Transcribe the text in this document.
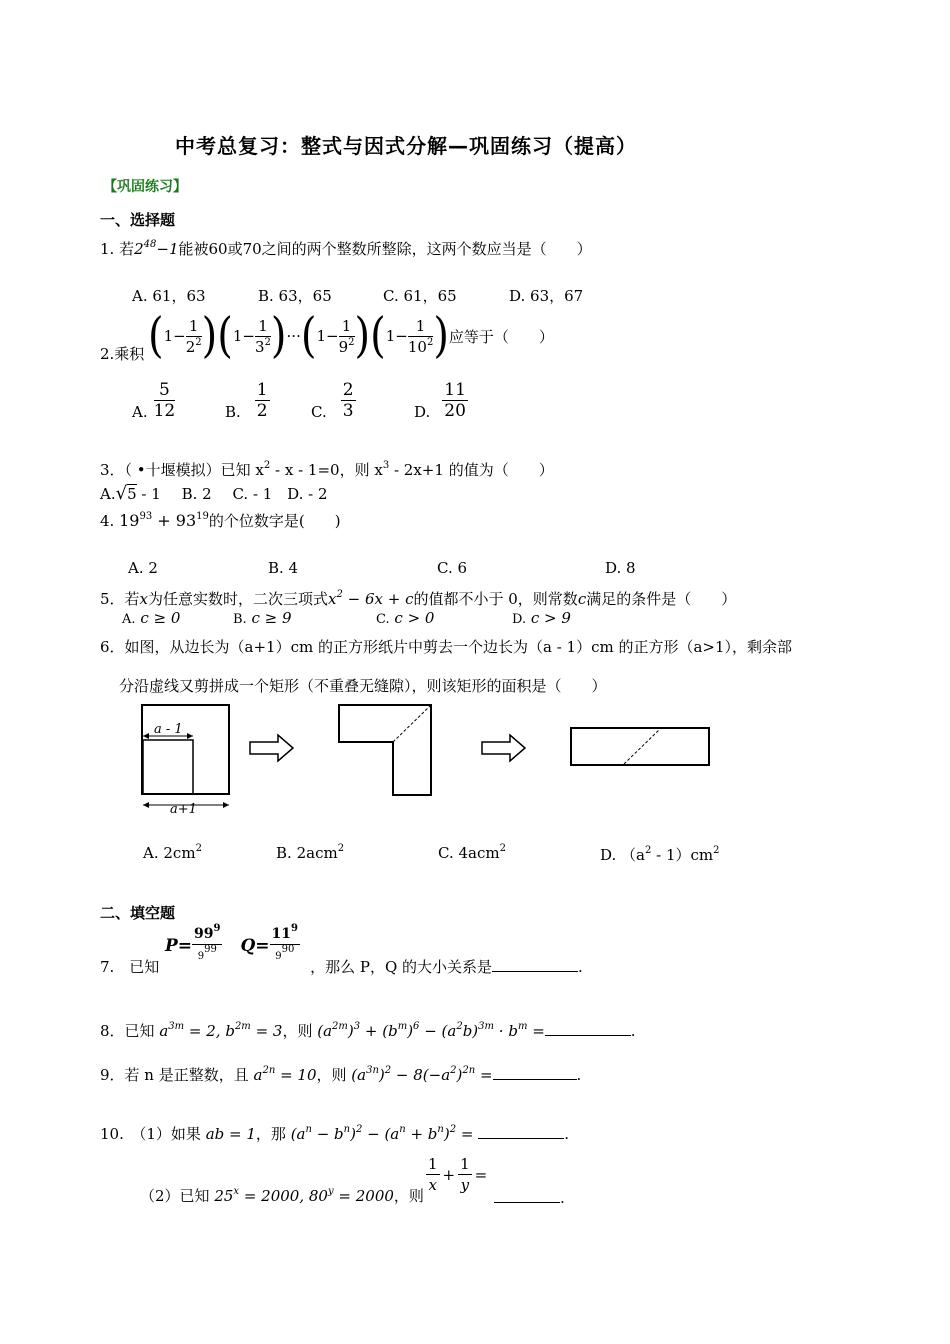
中考总复习：整式与因式分解—巩固练习（提高）
【巩固练习】
一、选择题
1. 若$2^{48}-1$能被60或70之间的两个整数所整除，这两个数应当是（　　）
A. 61，63	B. 63，65	C. 61，65	D. 63，67
2.乘积 ( $1- \frac{1}{2^2}$ ) ( $1- \frac{1}{3^2}$ ) ··· ( $1- \frac{1}{9^2}$ ) ( $1- \frac{1}{10^2}$ ) 应等于（　　）
A. $\frac{5}{12}$	B. $\frac{1}{2}$	C. $\frac{2}{3}$	D. $\frac{11}{20}$
3．（ •十堰模拟）已知 $x^2 - x - 1=0$，则 $x^3 - 2x+1$ 的值为（　　）
A.√5 - 1 B. 2 C. - 1 D. - 2
4. $19^{93} + 93^{19}$的个位数字是(　　)
A. 2	B. 4	C. 6	D. 8
5．若x为任意实数时，二次三项式$x^2 - 6x + c$的值都不小于 0，则常数c满足的条件是（　　）
A. c ≥ 0	B. c ≥ 9	C. c > 0	D. c > 9
6．如图，从边长为（a+1）cm 的正方形纸片中剪去一个边长为（a - 1）cm 的正方形（a>1），剩余部
分沿虚线又剪拼成一个矩形（不重叠无缝隙），则该矩形的面积是（　　）
a - 1
a+1
A. $2cm^2$	B. 2acm$^2$	C. 4acm$^2$	D. $(a^2 - 1)cm^2$
二、填空题
$P= \frac{99^9}{9^{99}} Q= \frac{11^9}{9^{90}}$
7.　已知	，那么 P，Q 的大小关系是	.
8．已知 $a^{3m} = 2$, $b^{2m} = 3$，则 $(a^{2m})^3 + (b^m)^6 - (a^2b)^{3m} \cdot b^m$ =	.
9．若 n 是正整数，且 $a^{2n} = 10$，则 $(a^{3n})^2 - 8(-a^2)^{2n}$ =	.
10.　（1）如果 ab = 1，那 $(a^n - b^n)^2 - (a^n + b^n)^2$ =	.
（2）已知 $25^x = 2000$, $80^y = 2000$，则
$\frac{1}{x} + \frac{1}{y}$ =
.
